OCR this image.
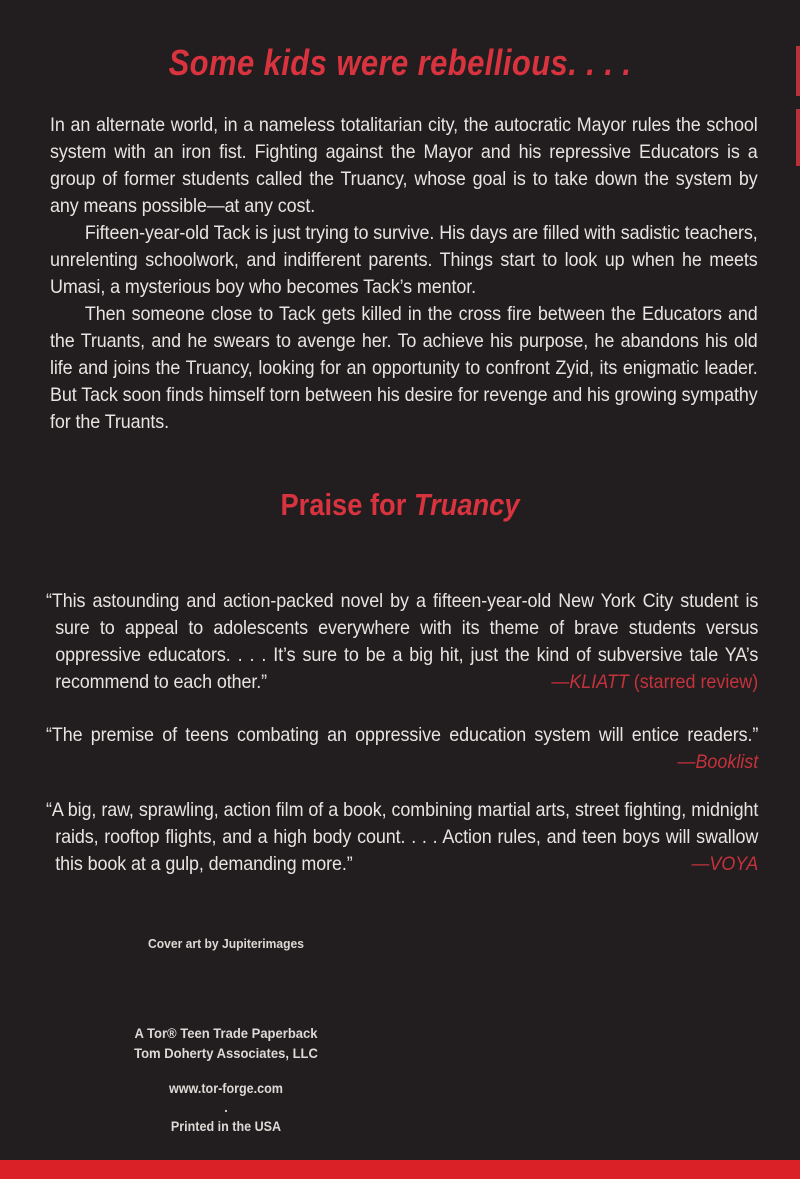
Some kids were rebellious. . . .

In an alternate world, in a nameless totalitarian city, the autocratic Mayor rules the school system with an iron fist. Fighting against the Mayor and his repressive Educators is a group of former students called the Truancy, whose goal is to take down the system by any means possible—at any cost.

Fifteen-year-old Tack is just trying to survive. His days are filled with sadistic teachers, unrelenting schoolwork, and indifferent parents. Things start to look up when he meets Umasi, a mysterious boy who becomes Tack’s mentor.

Then someone close to Tack gets killed in the cross fire between the Educators and the Truants, and he swears to avenge her. To achieve his purpose, he abandons his old life and joins the Truancy, looking for an opportunity to confront Zyid, its enigmatic leader. But Tack soon finds himself torn between his desire for revenge and his growing sympathy for the Truants.

Praise for Truancy

“This astounding and action-packed novel by a fifteen-year-old New York City student is sure to appeal to adolescents everywhere with its theme of brave students versus oppressive educators. . . . It’s sure to be a big hit, just the kind of subversive tale YA’s recommend to each other.”	—KLIATT (starred review)

“The premise of teens combating an oppressive education system will entice readers.”

—Booklist

“A big, raw, sprawling, action film of a book, combining martial arts, street fighting, midnight raids, rooftop flights, and a high body count. . . . Action rules, and teen boys will swallow this book at a gulp, demanding more.”	—VOYA
Cover art by Jupiterimages
A Tor® Teen Trade Paperback
Tom Doherty Associates, LLC
www.tor-forge.com
.
Printed in the USA
